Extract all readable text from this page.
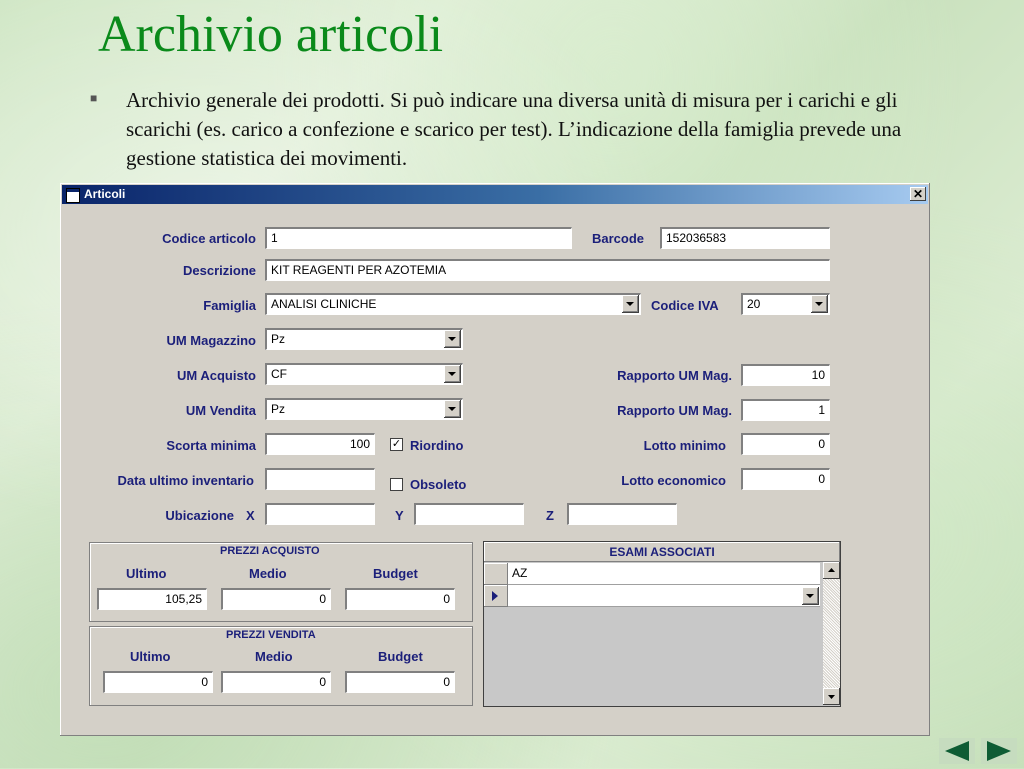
Archivio articoli
■ Archivio generale dei prodotti. Si può indicare una diversa unità di misura per i carichi e gli scarichi (es. carico a confezione e scarico per test). L’indicazione della famiglia prevede una gestione statistica dei movimenti.
Articoli	✕
Codice articolo	1	Barcode	152036583
Descrizione	KIT REAGENTI PER AZOTEMIA
Famiglia	ANALISI CLINICHE	Codice IVA	20
UM Magazzino	Pz
UM Acquisto	CF	Rapporto UM Mag.	10
UM Vendita	Pz	Rapporto UM Mag.	1
Scorta minima	100	✓ Riordino	Lotto minimo	0
Data ultimo inventario	Obsoleto	Lotto economico	0
Ubicazione X	Y	Z
PREZZI ACQUISTO
Ultimo	Medio	Budget
105,25	0	0
PREZZI VENDITA
Ultimo	Medio	Budget
0	0	0
ESAMI ASSOCIATI
AZ
